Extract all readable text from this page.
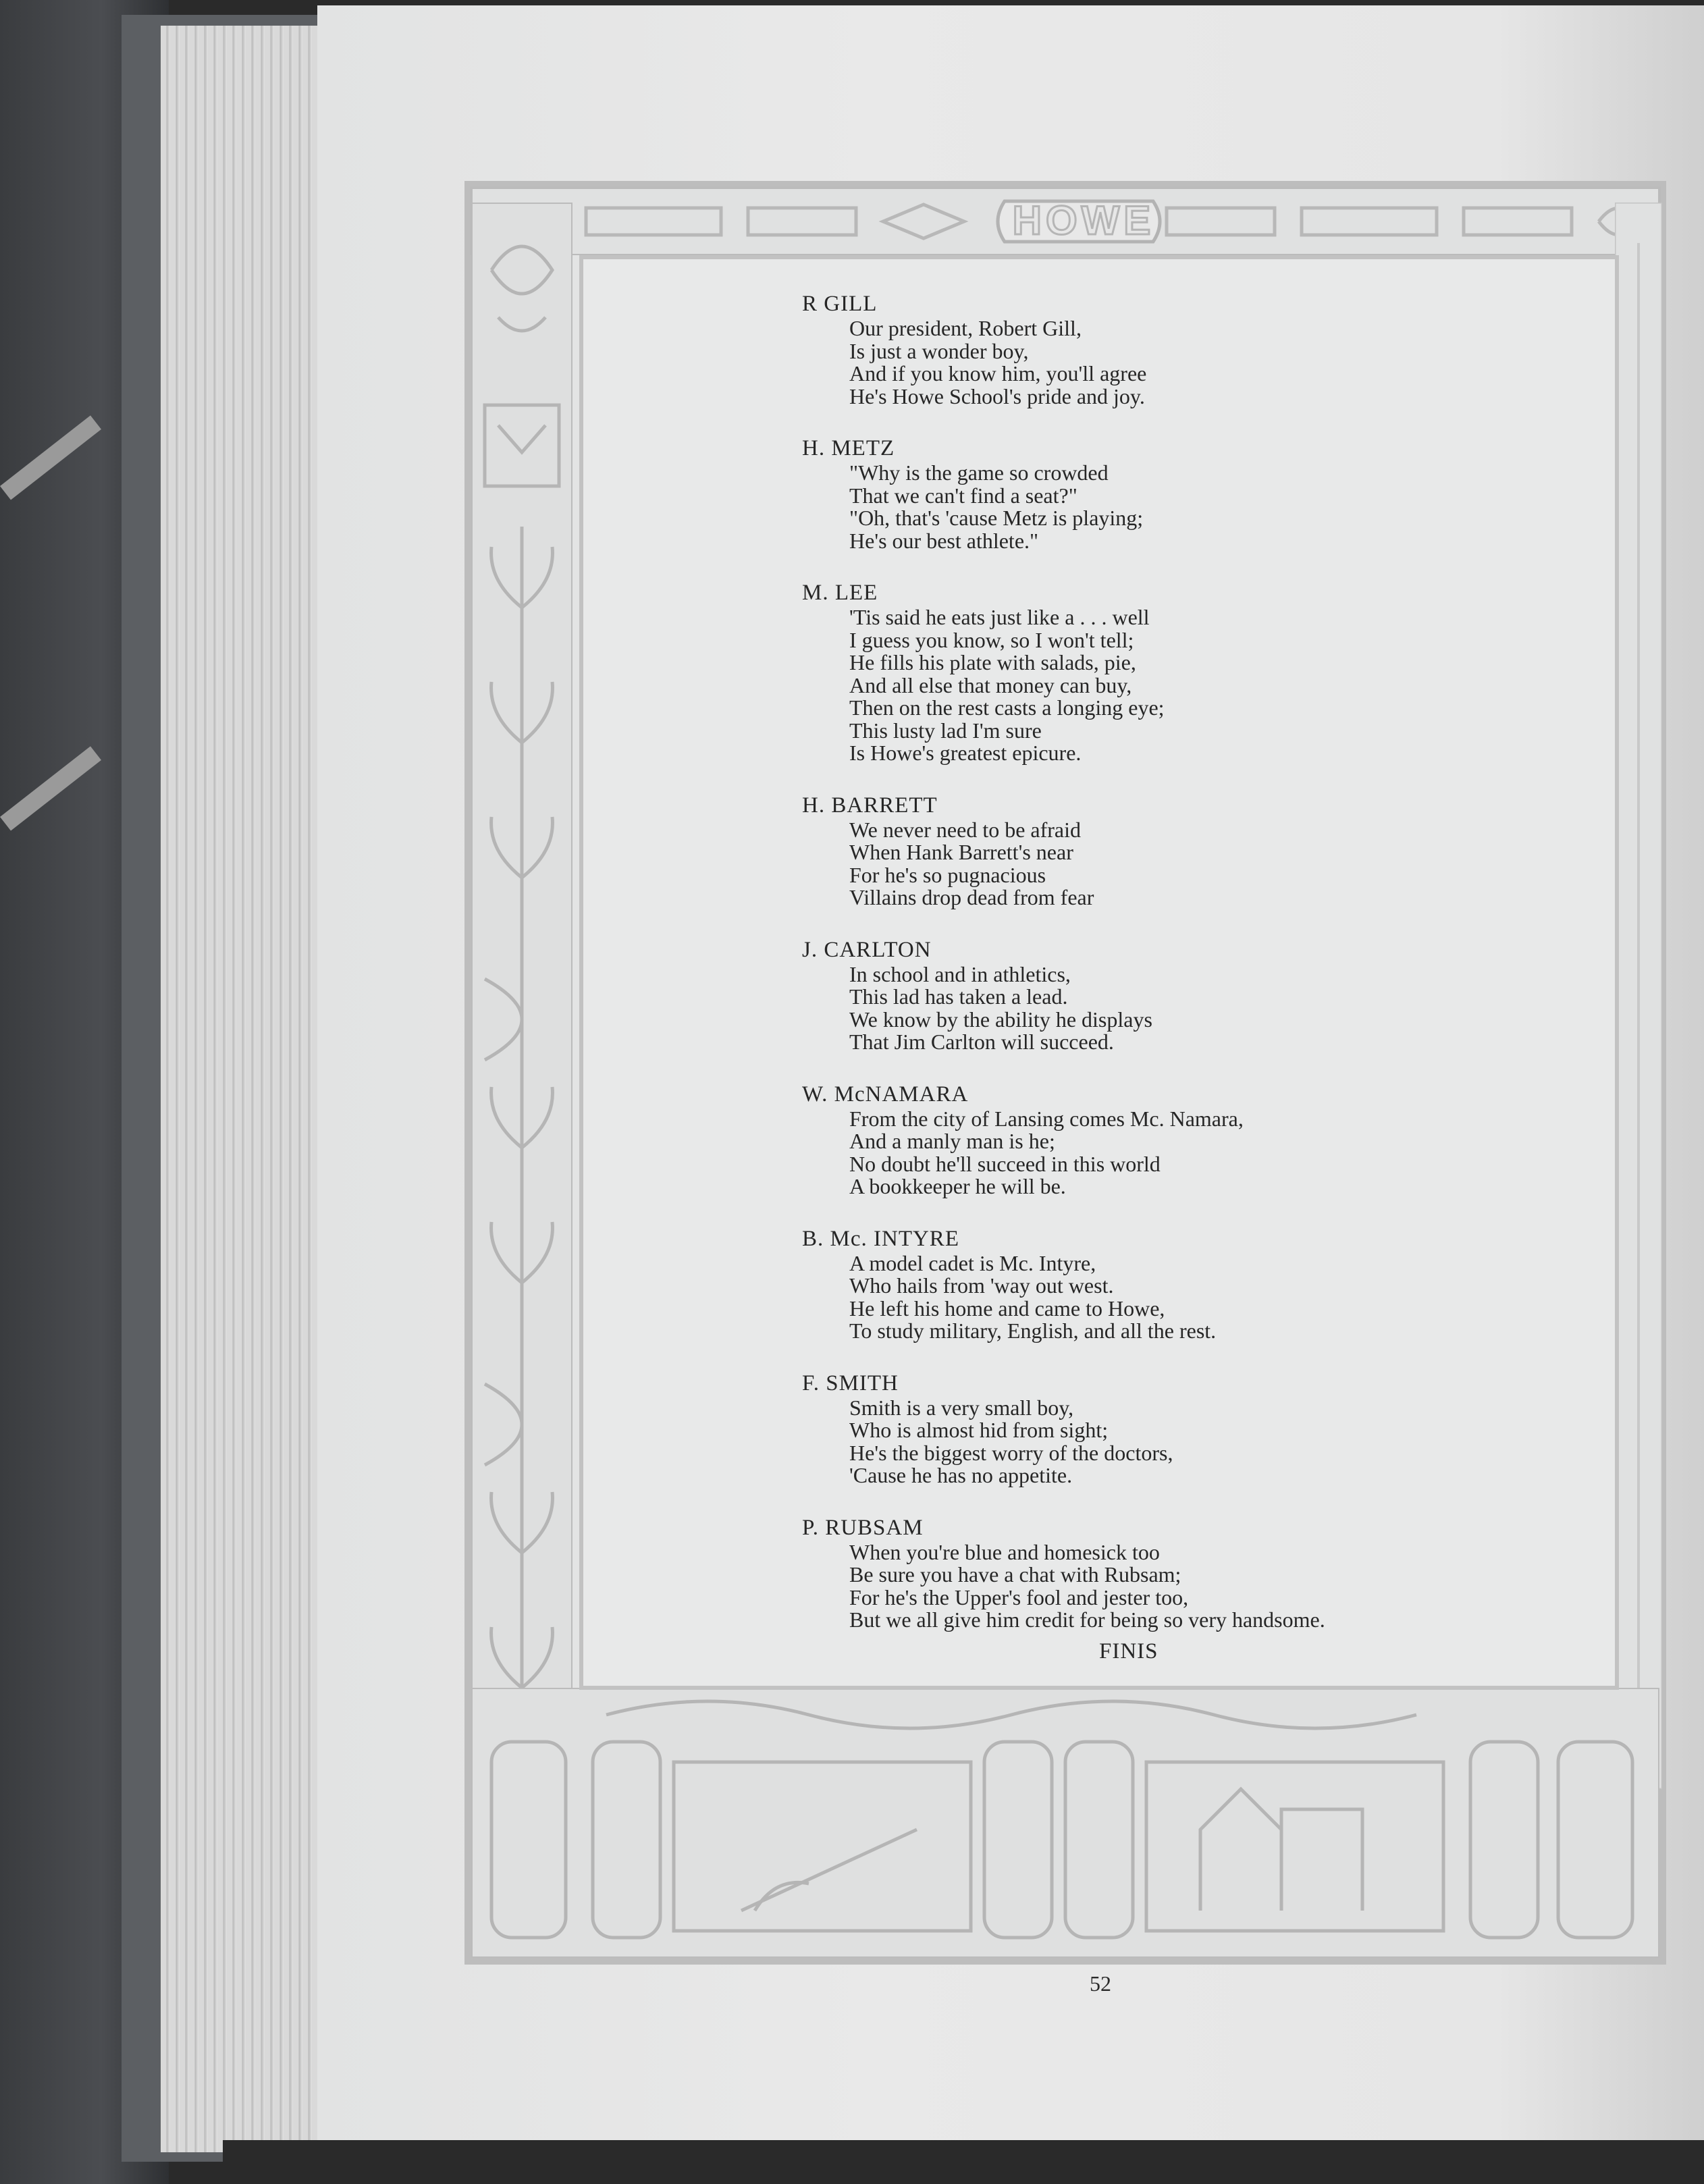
HOWE

R GILL

Our president, Robert Gill,

Is just a wonder boy,

And if you know him, you'll agree

He's Howe School's pride and joy.

H. METZ

"Why is the game so crowded

That we can't find a seat?"

"Oh, that's 'cause Metz is playing;

He's our best athlete."

M. LEE

'Tis said he eats just like a . . . well

I guess you know, so I won't tell;

He fills his plate with salads, pie,

And all else that money can buy,

Then on the rest casts a longing eye;

This lusty lad I'm sure

Is Howe's greatest epicure.

H. BARRETT

We never need to be afraid

When Hank Barrett's near

For he's so pugnacious

Villains drop dead from fear

J. CARLTON

In school and in athletics,

This lad has taken a lead.

We know by the ability he displays

That Jim Carlton will succeed.

W. McNAMARA

From the city of Lansing comes Mc. Namara,

And a manly man is he;

No doubt he'll succeed in this world

A bookkeeper he will be.

B. Mc. INTYRE

A model cadet is Mc. Intyre,

Who hails from 'way out west.

He left his home and came to Howe,

To study military, English, and all the rest.

F. SMITH

Smith is a very small boy,

Who is almost hid from sight;

He's the biggest worry of the doctors,

'Cause he has no appetite.

P. RUBSAM

When you're blue and homesick too

Be sure you have a chat with Rubsam;

For he's the Upper's fool and jester too,

But we all give him credit for being so very handsome.

FINIS
52
